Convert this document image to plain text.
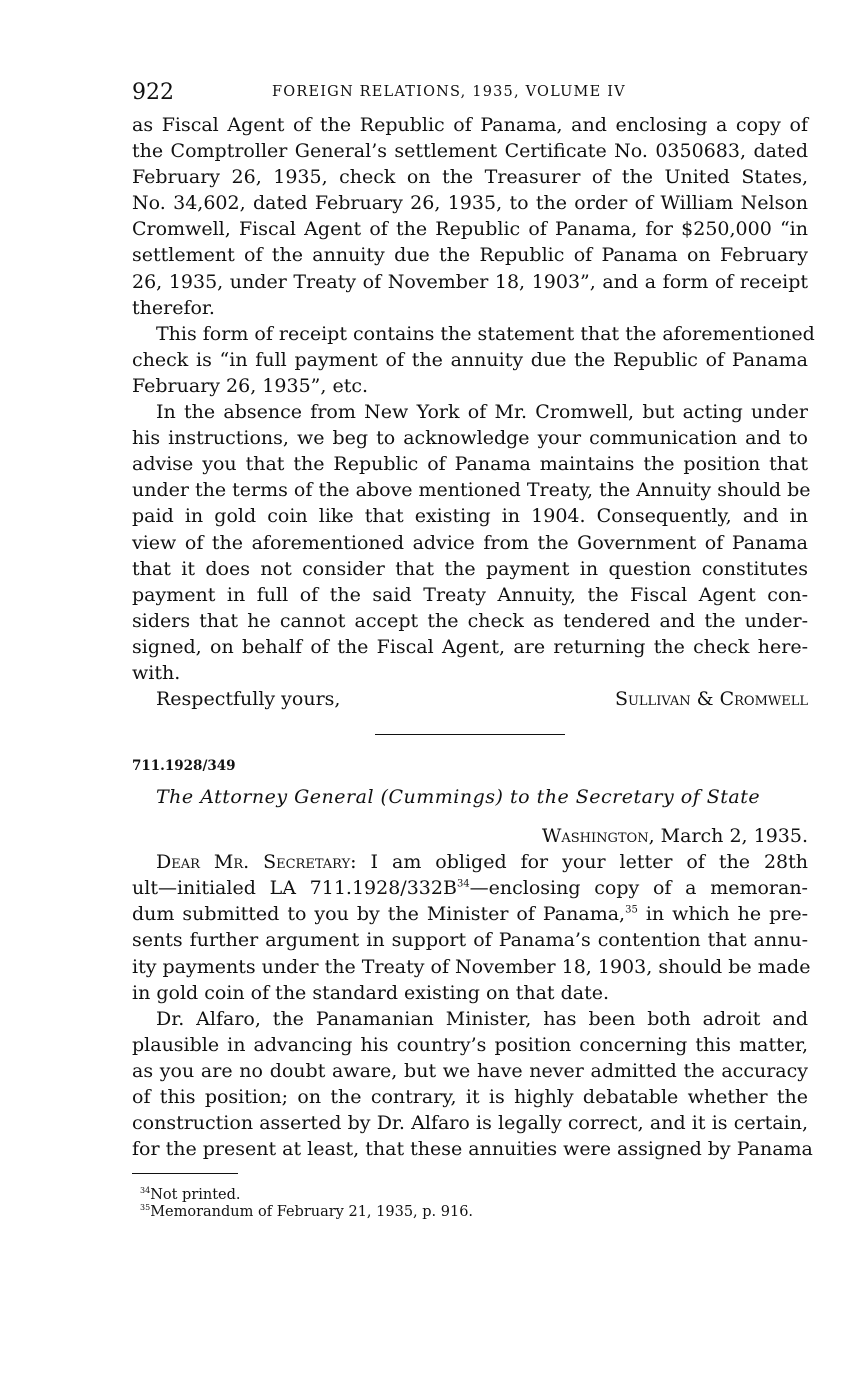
922	FOREIGN RELATIONS, 1935, VOLUME IV
as Fiscal Agent of the Republic of Panama, and enclosing a copy of
the Comptroller General’s settlement Certificate No. 0350683, dated
February 26, 1935, check on the Treasurer of the United States,
No. 34,602, dated February 26, 1935, to the order of William Nelson
Cromwell, Fiscal Agent of the Republic of Panama, for $250,000 “in
settlement of the annuity due the Republic of Panama on February
26, 1935, under Treaty of November 18, 1903”, and a form of receipt
therefor.
This form of receipt contains the statement that the aforementioned
check is “in full payment of the annuity due the Republic of Panama
February 26, 1935”, etc.
In the absence from New York of Mr. Cromwell, but acting under
his instructions, we beg to acknowledge your communication and to
advise you that the Republic of Panama maintains the position that
under the terms of the above mentioned Treaty, the Annuity should be
paid in gold coin like that existing in 1904. Consequently, and in
view of the aforementioned advice from the Government of Panama
that it does not consider that the payment in question constitutes
payment in full of the said Treaty Annuity, the Fiscal Agent con-
siders that he cannot accept the check as tendered and the under-
signed, on behalf of the Fiscal Agent, are returning the check here-
with.
Respectfully yours,	Sullivan & Cromwell
711.1928/349
The Attorney General (Cummings) to the Secretary of State
Washington, March 2, 1935.
Dear Mr. Secretary: I am obliged for your letter of the 28th
ult—initialed LA $711.1928/332B^{34}—enclosing$ copy of a memoran-
dum submitted to you by the Minister of Panama,$^{35}$ in which he pre-
sents further argument in support of Panama’s contention that annu-
ity payments under the Treaty of November 18, 1903, should be made
in gold coin of the standard existing on that date.
Dr. Alfaro, the Panamanian Minister, has been both adroit and
plausible in advancing his country’s position concerning this matter,
as you are no doubt aware, but we have never admitted the accuracy
of this position; on the contrary, it is highly debatable whether the
construction asserted by Dr. Alfaro is legally correct, and it is certain,
for the present at least, that these annuities were assigned by Panama
$^{34}$Not printed.
$^{35}$Memorandum of February 21, 1935, p. 916.
